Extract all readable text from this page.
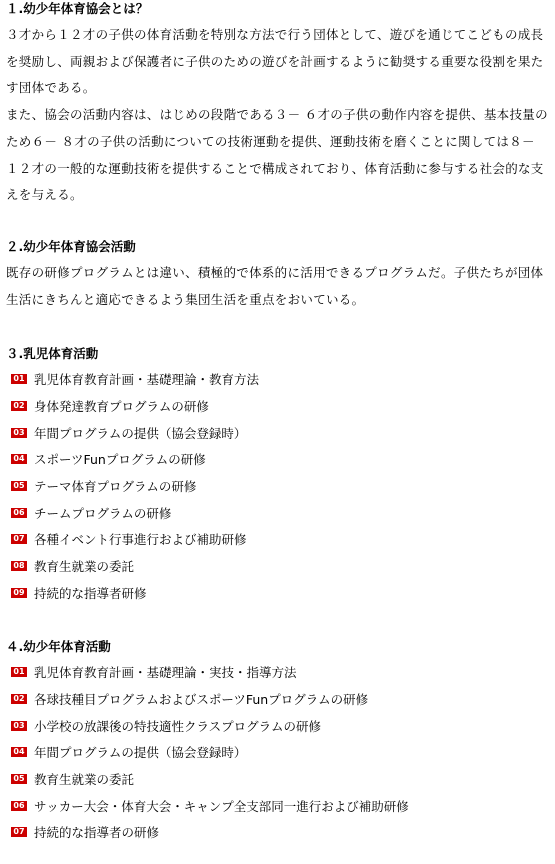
１.幼少年体育協会とは？
３才から１２才の子供の体育活動を特別な方法で行う団体として、遊びを通じてこどもの成長を奨励し、両親および保護者に子供のための遊びを計画するように勧奨する重要な役割を果たす団体である。
また、協会の活動内容は、はじめの段階である３－ ６才の子供の動作内容を提供、基本技量のため６－ ８才の子供の活動についての技術運動を提供、運動技術を磨くことに関しては８－ １２才の一般的な運動技術を提供することで構成されており、体育活動に参与する社会的な支えを与える。
２.幼少年体育協会活動
既存の研修プログラムとは違い、積極的で体系的に活用できるプログラムだ。子供たちが団体生活にきちんと適応できるよう集団生活を重点をおいている。
３.乳児体育活動
01 乳児体育教育計画・基礎理論・教育方法
02 身体発達教育プログラムの研修
03 年間プログラムの提供（協会登録時）
04 スポーツFunプログラムの研修
05 テーマ体育プログラムの研修
06 チームプログラムの研修
07 各種イベント行事進行および補助研修
08 教育生就業の委託
09 持続的な指導者研修
４.幼少年体育活動
01 乳児体育教育計画・基礎理論・実技・指導方法
02 各球技種目プログラムおよびスポーツFunプログラムの研修
03 小学校の放課後の特技適性クラスプログラムの研修
04 年間プログラムの提供（協会登録時）
05 教育生就業の委託
06 サッカー大会・体育大会・キャンプ全支部同一進行および補助研修
07 持続的な指導者の研修
